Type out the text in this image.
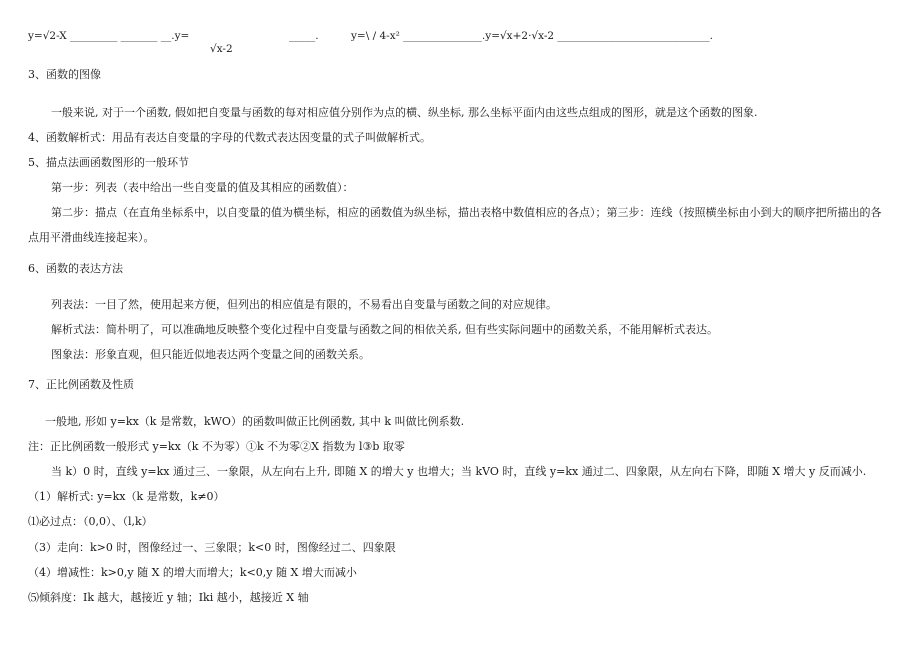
y=√2-X _________ _______ __.y=
√x-2
_____.	y=\ / 4-x² _______________.y=√x+2·√x-2 _____________________________.
3、函数的图像
一般来说, 对于一个函数, 假如把自变量与函数的每对相应值分别作为点的横、纵坐标, 那么坐标平面内由这些点组成的图形，就是这个函数的图象.
4、函数解析式：用品有表达自变量的字母的代数式表达因变量的式子叫做解析式。
5、描点法画函数图形的一般环节
第一步：列表（表中给出一些自变量的值及其相应的函数值）：
第二步：描点（在直角坐标系中，以自变量的值为横坐标，相应的函数值为纵坐标，描出表格中数值相应的各点）；第三步：连线（按照横坐标由小到大的顺序把所描出的各
点用平滑曲线连接起来）。
6、函数的表达方法
列表法：一目了然，使用起来方便，但列出的相应值是有限的，不易看出自变量与函数之间的对应规律。
解析式法：简朴明了，可以准确地反映整个变化过程中自变量与函数之间的相依关系, 但有些实际问题中的函数关系，不能用解析式表达。
图象法：形象直观，但只能近似地表达两个变量之间的函数关系。
7、正比例函数及性质
一般地, 形如 y=kx（k 是常数，kWO）的函数叫做正比例函数, 其中 k 叫做比例系数.
注：正比例函数一般形式 y=kx（k 不为零）①k 不为零②X 指数为 l③b 取零
当 k）0 时，直线 y=kx 通过三、一象限，从左向右上升, 即随 X 的增大 y 也增大；当 kVO 时，直线 y=kx 通过二、四象限，从左向右下降，即随 X 增大 y 反而减小.
（1）解析式: y=kx（k 是常数，k≠0）
⑴必过点：（0,0）、（l,k）
（3）走向：k>0 时，图像经过一、三象限；k<0 时，图像经过二、四象限
（4）增减性：k>0,y 随 X 的增大而增大；k<0,y 随 X 增大而减小
⑸倾斜度：Ik 越大，越接近 y 轴；Iki 越小，越接近 X 轴
